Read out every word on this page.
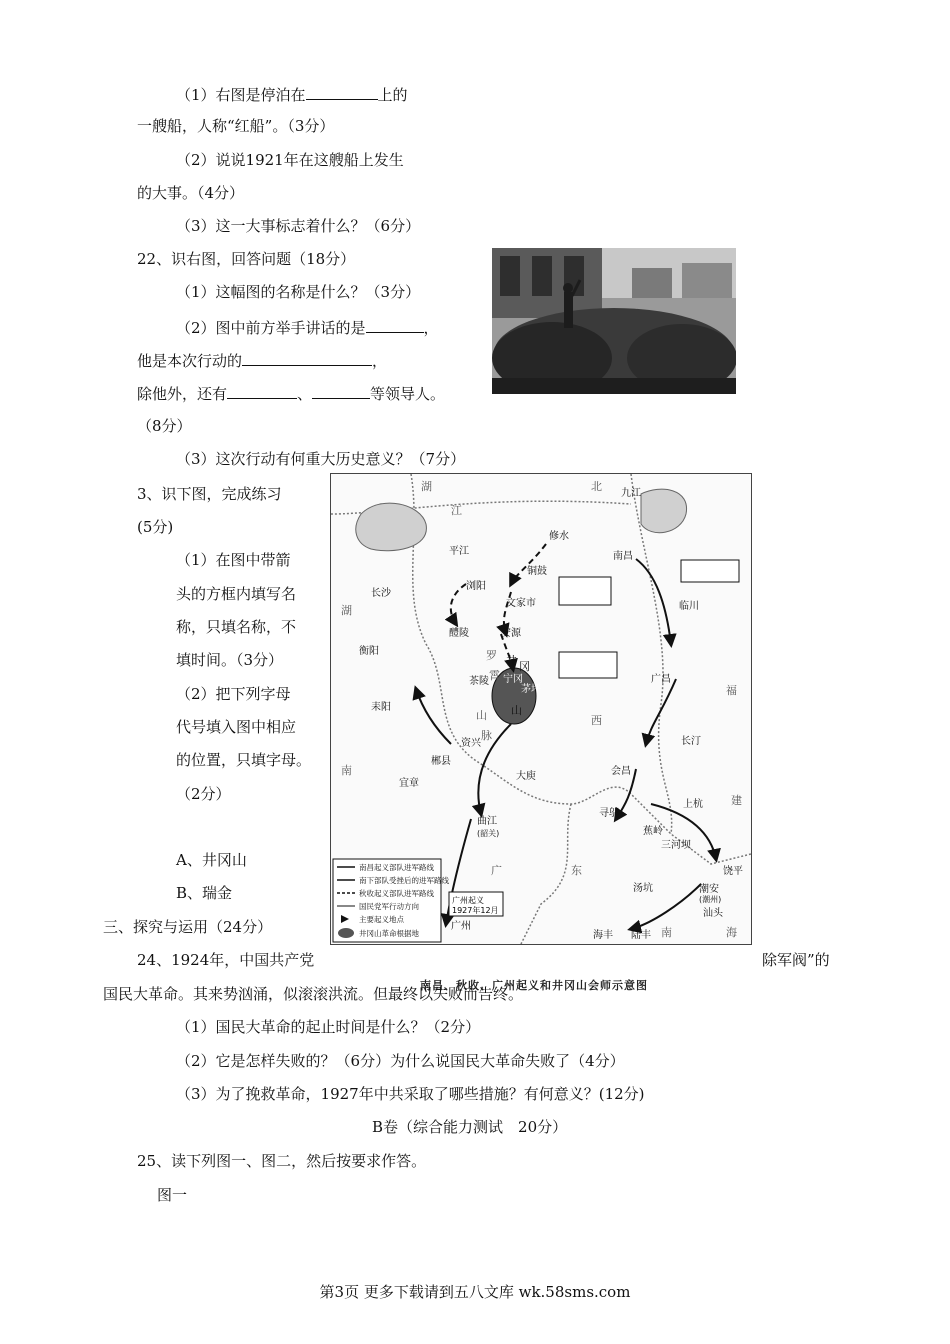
（1）右图是停泊在	上的
一艘船，人称“红船”。（3分）
（2）说说1921年在这艘船上发生
的大事。（4分）
（3）这一大事标志着什么？（6分）
22、识右图，回答问题（18分）
（1）这幅图的名称是什么？（3分）
（2）图中前方举手讲话的是	，
他是本次行动的	，
除他外，还有	、	等领导人。
（8分）
（3）这次行动有何重大历史意义？（7分）
3、识下图，完成练习
(5分)
（1）在图中带箭
头的方框内填写名
称，只填名称，不
填时间。（3分）
（2）把下列字母
代号填入图中相应
的位置，只填字母。
（2分）
A、井冈山
B、瑞金
九江
修水
平江
铜鼓
南昌
长沙
浏阳
文家市	临川
醴陵	安源
衡阳
茶陵 宁冈
茅坪
广昌
耒阳
资兴	长汀
郴县
会昌
大庾
宜章
寻邬
上杭
曲江
(韶关)	蕉岭
三河坝
饶平
汤坑	潮安
(潮州)
汕头
海丰 陆丰
广州
湖	北
江
西
湖
南
福
建
广	东
南	海
罗
霄
山
脉
井 冈
山
广州起义
1927年12月
南昌起义部队进军路线
南下部队受挫后的进军路线
秋收起义部队进军路线
国民党军行动方向
主要起义地点
井冈山革命根据地
三、探究与运用（24分）
24、1924年，中国共产党	除军阀”的
南昌、秋收、广州起义和井冈山会师示意图
国民大革命。其来势汹涌，似滚滚洪流。但最终以失败而告终。
（1）国民大革命的起止时间是什么？（2分）
（2）它是怎样失败的？（6分）为什么说国民大革命失败了（4分）
（3）为了挽救革命，1927年中共采取了哪些措施？有何意义？(12分)
B卷（综合能力测试　20分）
25、读下列图一、图二，然后按要求作答。
图一
第3页 更多下载请到五八文库 wk.58sms.com
